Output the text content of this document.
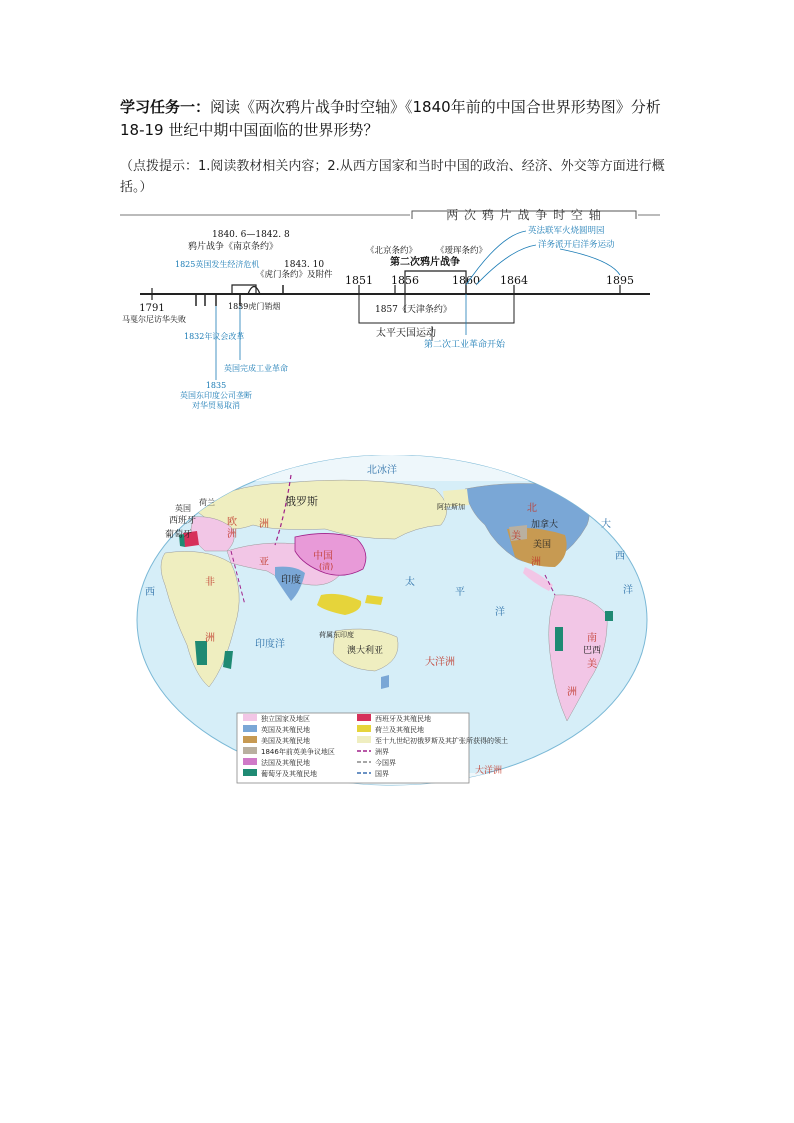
学习任务一：阅读《两次鸦片战争时空轴》《1840年前的中国合世界形势图》分析 18-19 世纪中期中国面临的世界形势？
（点拨提示：1.阅读教材相关内容；2.从西方国家和当时中国的政治、经济、外交等方面进行概括。）
两 次 鸦 片 战 争 时 空 轴
1791
1851 1856	1860 1864	1895
马戛尔尼访华失败
1825英国发生经济危机
1832年议会改革
1835
英国东印度公司垄断
对华贸易取消
英国完成工业革命
1840. 6—1842. 8
鸦片战争《南京条约》
1843. 10
《虎门条约》及附件
1839虎门销烟
《北京条约》 《瑷珲条约》
第二次鸦片战争
英法联军火烧圆明园
洋务派开启洋务运动
1857《天津条约》
太平天国运动
第二次工业革命开始
北冰洋
俄罗斯
中国
(清)
亚
洲
印度
欧
洲
西班牙
葡萄牙
英国
荷兰
非
洲
印度洋
太
平
洋
大洋洲
澳大利亚
荷属东印度
阿拉斯加	北
美
洲
加拿大
美国
南
美
洲
巴西
大
西
洋
西
大洋洲
独立国家及地区
英国及其殖民地
美国及其殖民地
1846年前英美争议地区
法国及其殖民地
葡萄牙及其殖民地
西班牙及其殖民地
荷兰及其殖民地
至十九世纪初俄罗斯及其扩张所获得的领土
洲界
今国界
国界
